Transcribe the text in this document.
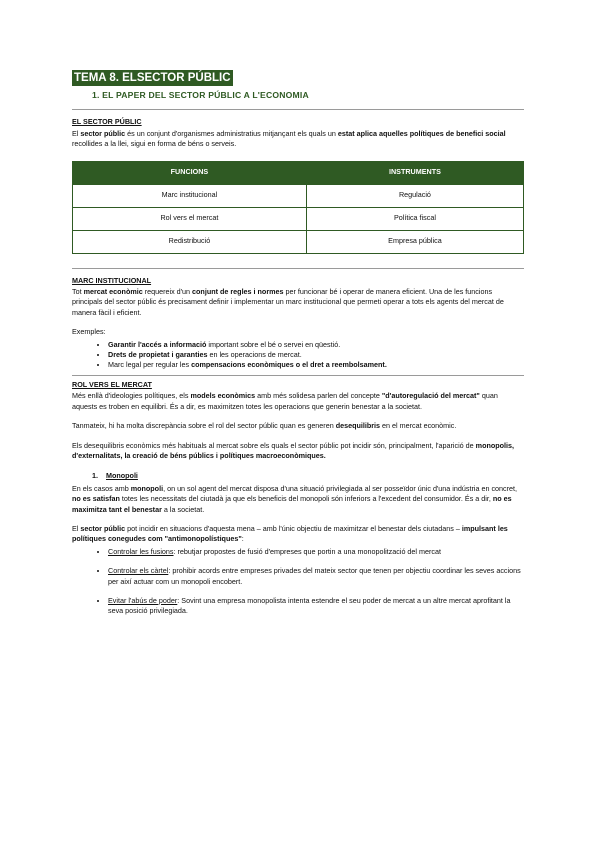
TEMA 8. ELSECTOR PÚBLIC
1. EL PAPER DEL SECTOR PÚBLIC A L'ECONOMIA
EL SECTOR PÚBLIC

El sector públic és un conjunt d'organismes administratius mitjançant els quals un estat aplica aquelles polítiques de benefici social recollides a la llei, sigui en forma de béns o serveis.

FUNCIONS	INSTRUMENTS
Marc institucional	Regulació
Rol vers el mercat	Política fiscal
Redistribució	Empresa pública
MARC INSTITUCIONAL

Tot mercat econòmic requereix d'un conjunt de regles i normes per funcionar bé i operar de manera eficient. Una de les funcions principals del sector públic és precisament definir i implementar un marc institucional que permeti operar a tots els agents del mercat de manera fàcil i eficient.

Exemples:

• Garantir l'accés a informació important sobre el bé o servei en qüestió.
• Drets de propietat i garanties en les operacions de mercat.
• Marc legal per regular les compensacions econòmiques o el dret a reembolsament.
ROL VERS EL MERCAT

Més enllà d'ideologies polítiques, els models econòmics amb més solidesa parlen del concepte "d'autoregulació del mercat" quan aquests es troben en equilibri. És a dir, es maximitzen totes les operacions que generin benestar a la societat.

Tanmateix, hi ha molta discrepància sobre el rol del sector públic quan es generen desequilibris en el mercat econòmic.

Els desequilibris econòmics més habituals al mercat sobre els quals el sector públic pot incidir són, principalment, l'aparició de monopolis, d'externalitats, la creació de béns públics i polítiques macroeconòmiques.

1. Monopoli

En els casos amb monopoli, on un sol agent del mercat disposa d'una situació privilegiada al ser posseïdor únic d'una indústria en concret, no es satisfan totes les necessitats del ciutadà ja que els beneficis del monopoli són inferiors a l'excedent del consumidor. És a dir, no es maximitza tant el benestar a la societat.

El sector públic pot incidir en situacions d'aquesta mena – amb l'únic objectiu de maximitzar el benestar dels ciutadans – impulsant les polítiques conegudes com "antimonopolístiques":

• Controlar les fusions: rebutjar propostes de fusió d'empreses que portin a una monopolització del mercat
• Controlar els càrtel: prohibir acords entre empreses privades del mateix sector que tenen per objectiu coordinar les seves accions per així actuar com un monopoli encobert.
• Evitar l'abús de poder: Sovint una empresa monopolista intenta estendre el seu poder de mercat a un altre mercat aprofitant la seva posició privilegiada.
